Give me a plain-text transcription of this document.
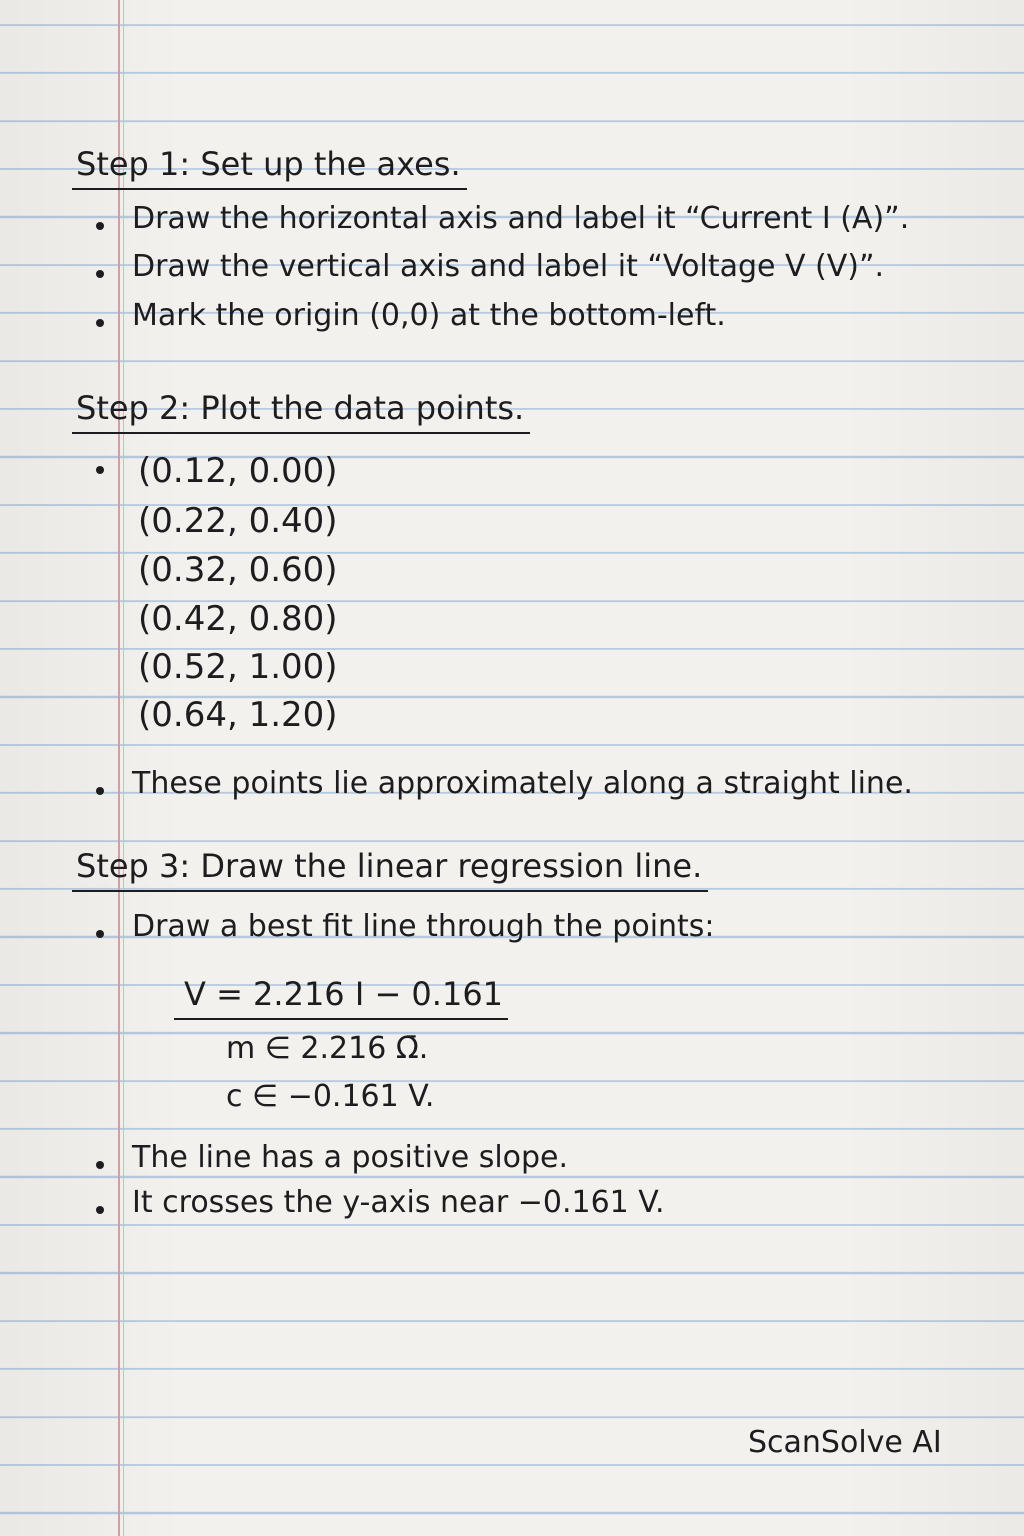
Step 1: Set up the axes.
Draw the horizontal axis and label it “Current I (A)”.
Draw the vertical axis and label it “Voltage V (V)”.
Mark the origin (0,0) at the bottom-left.
Step 2: Plot the data points.
(0.12, 0.00)
(0.22, 0.40)
(0.32, 0.60)
(0.42, 0.80)
(0.52, 1.00)
(0.64, 1.20)
These points lie approximately along a straight line.
Step 3: Draw the linear regression line.
Draw a best fit line through the points:
V = 2.216 I − 0.161
m ∈ 2.216 Ω̄.
c ∈ −0.161 V.
The line has a positive slope.
It crosses the y-axis near −0.161 V.
ScanSolve AI
